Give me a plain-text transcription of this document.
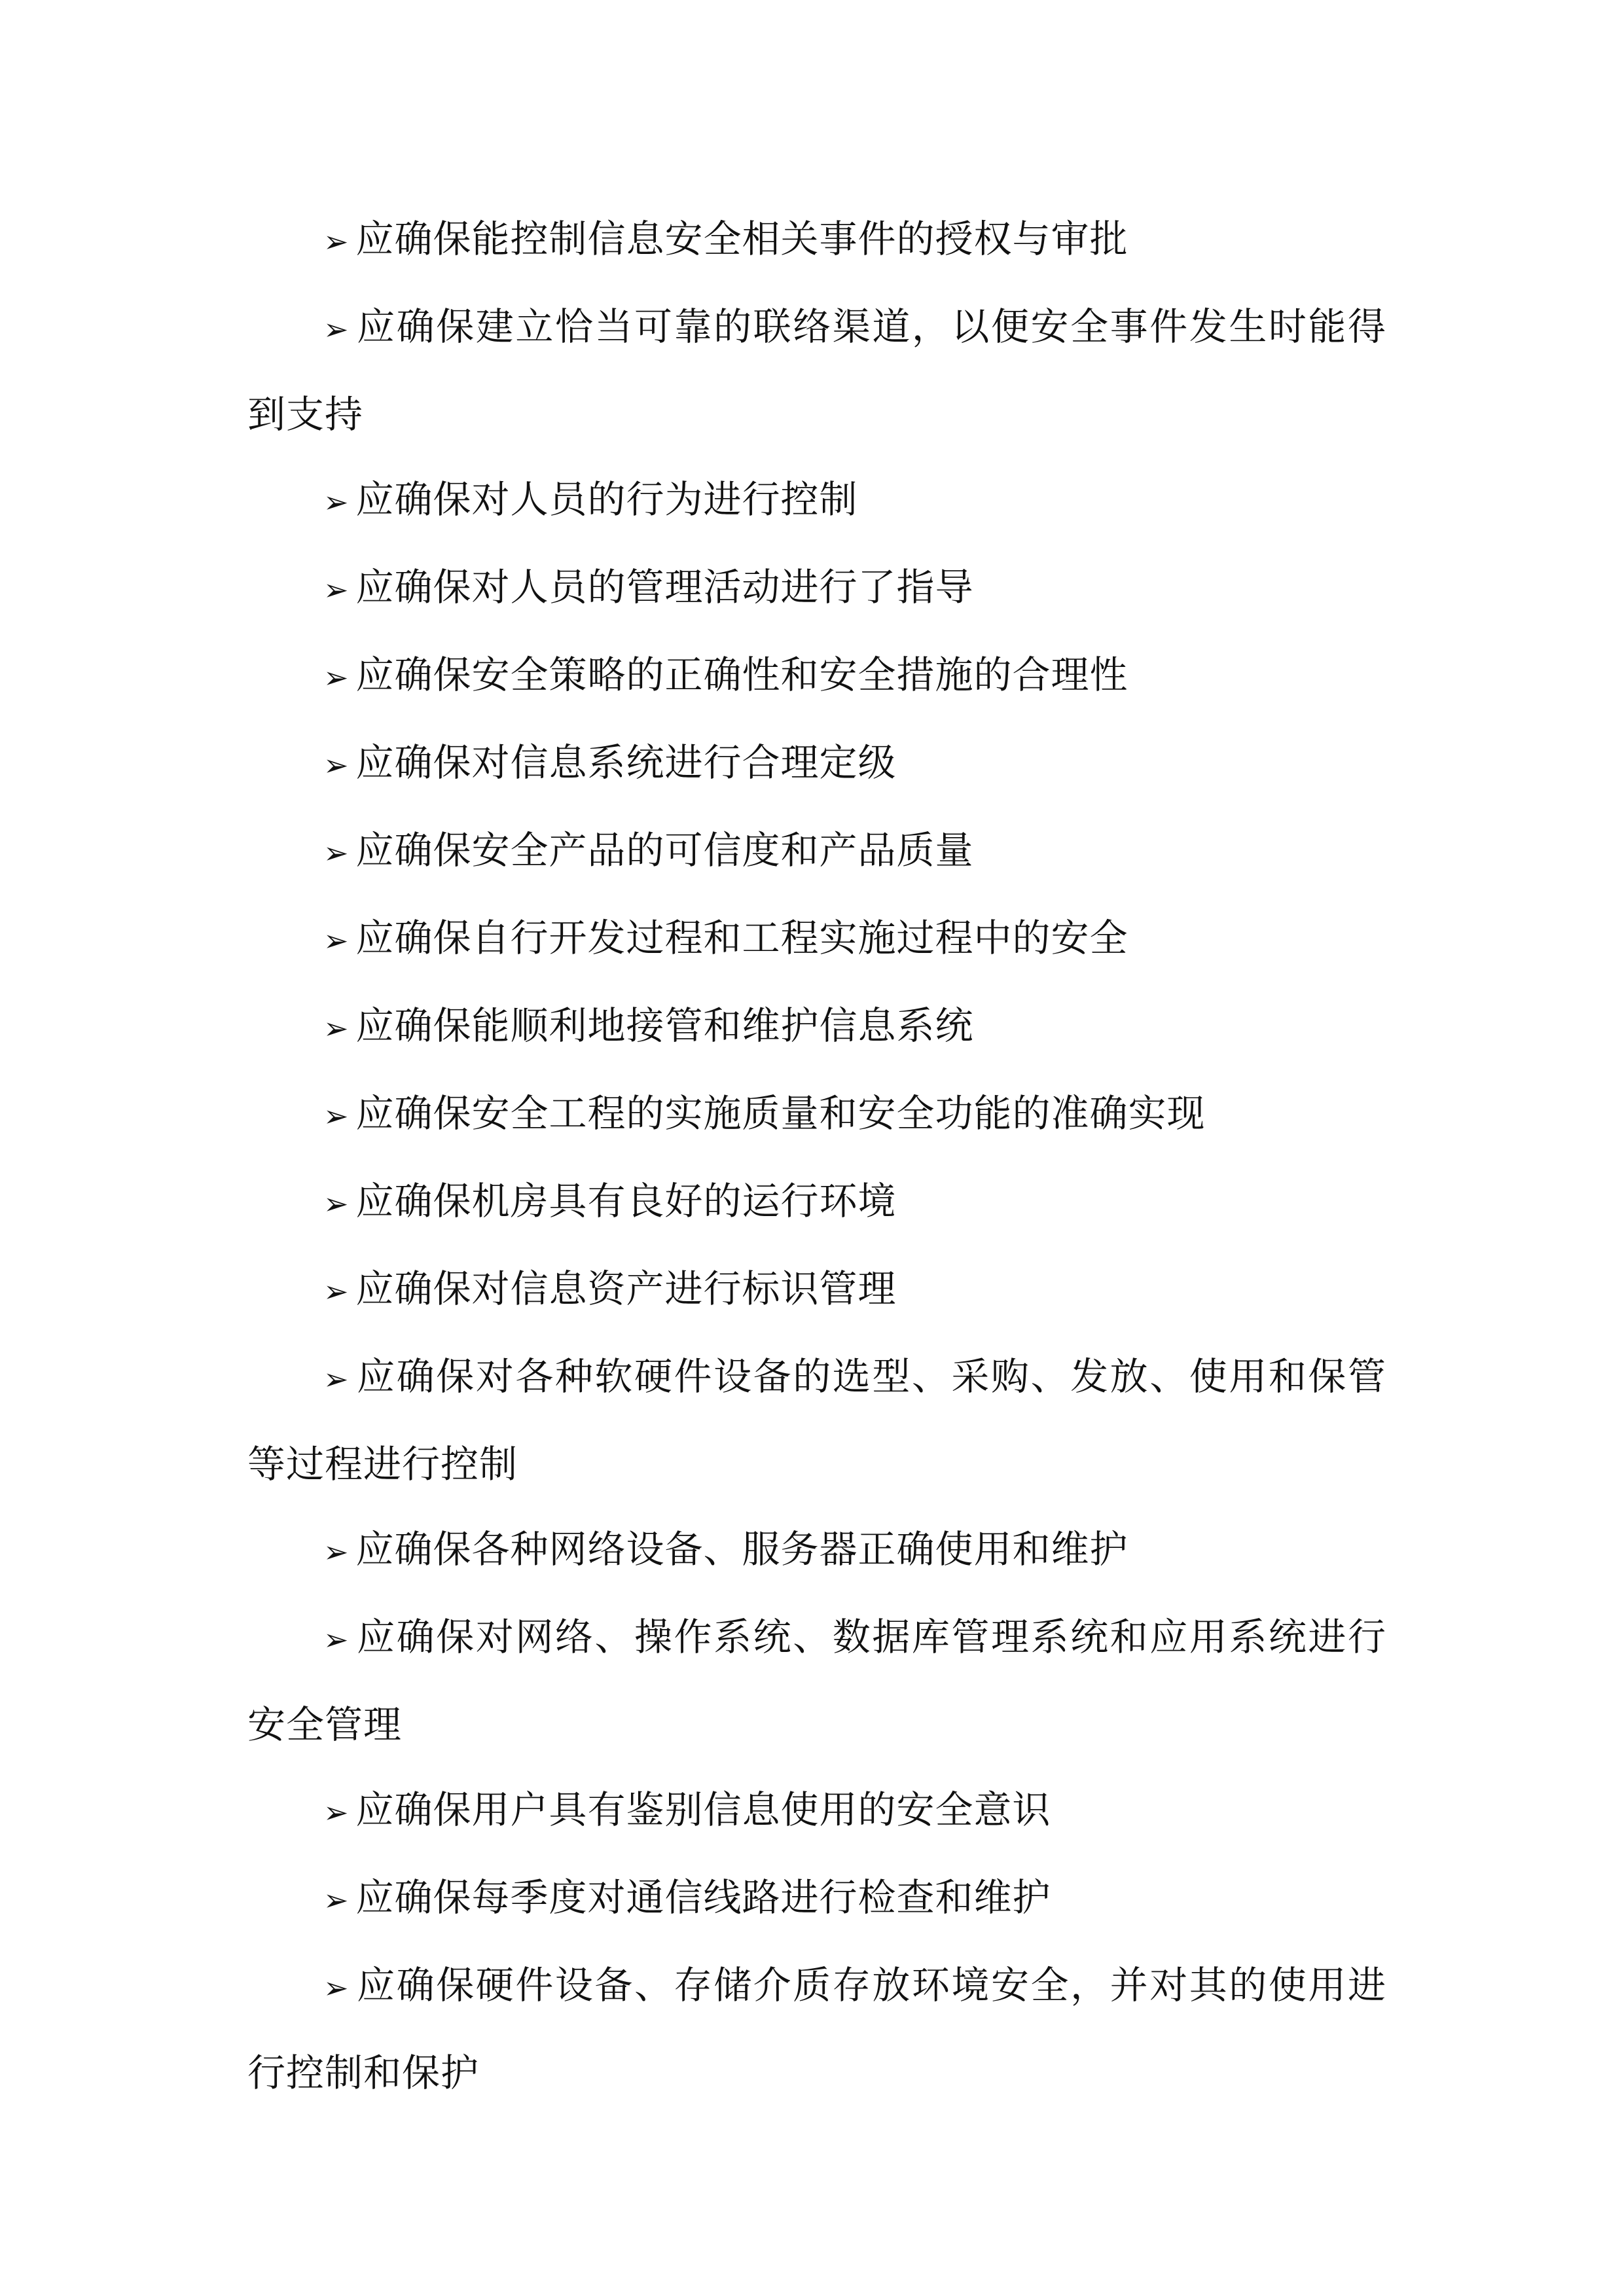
➢ 应确保能控制信息安全相关事件的授权与审批

➢ 应确保建立恰当可靠的联络渠道，以便安全事件发生时能得到支持

➢ 应确保对人员的行为进行控制

➢ 应确保对人员的管理活动进行了指导

➢ 应确保安全策略的正确性和安全措施的合理性

➢ 应确保对信息系统进行合理定级

➢ 应确保安全产品的可信度和产品质量

➢ 应确保自行开发过程和工程实施过程中的安全

➢ 应确保能顺利地接管和维护信息系统

➢ 应确保安全工程的实施质量和安全功能的准确实现

➢ 应确保机房具有良好的运行环境

➢ 应确保对信息资产进行标识管理

➢ 应确保对各种软硬件设备的选型、采购、发放、使用和保管等过程进行控制

➢ 应确保各种网络设备、服务器正确使用和维护

➢ 应确保对网络、操作系统、数据库管理系统和应用系统进行安全管理

➢ 应确保用户具有鉴别信息使用的安全意识

➢ 应确保每季度对通信线路进行检查和维护

➢ 应确保硬件设备、存储介质存放环境安全，并对其的使用进行控制和保护
